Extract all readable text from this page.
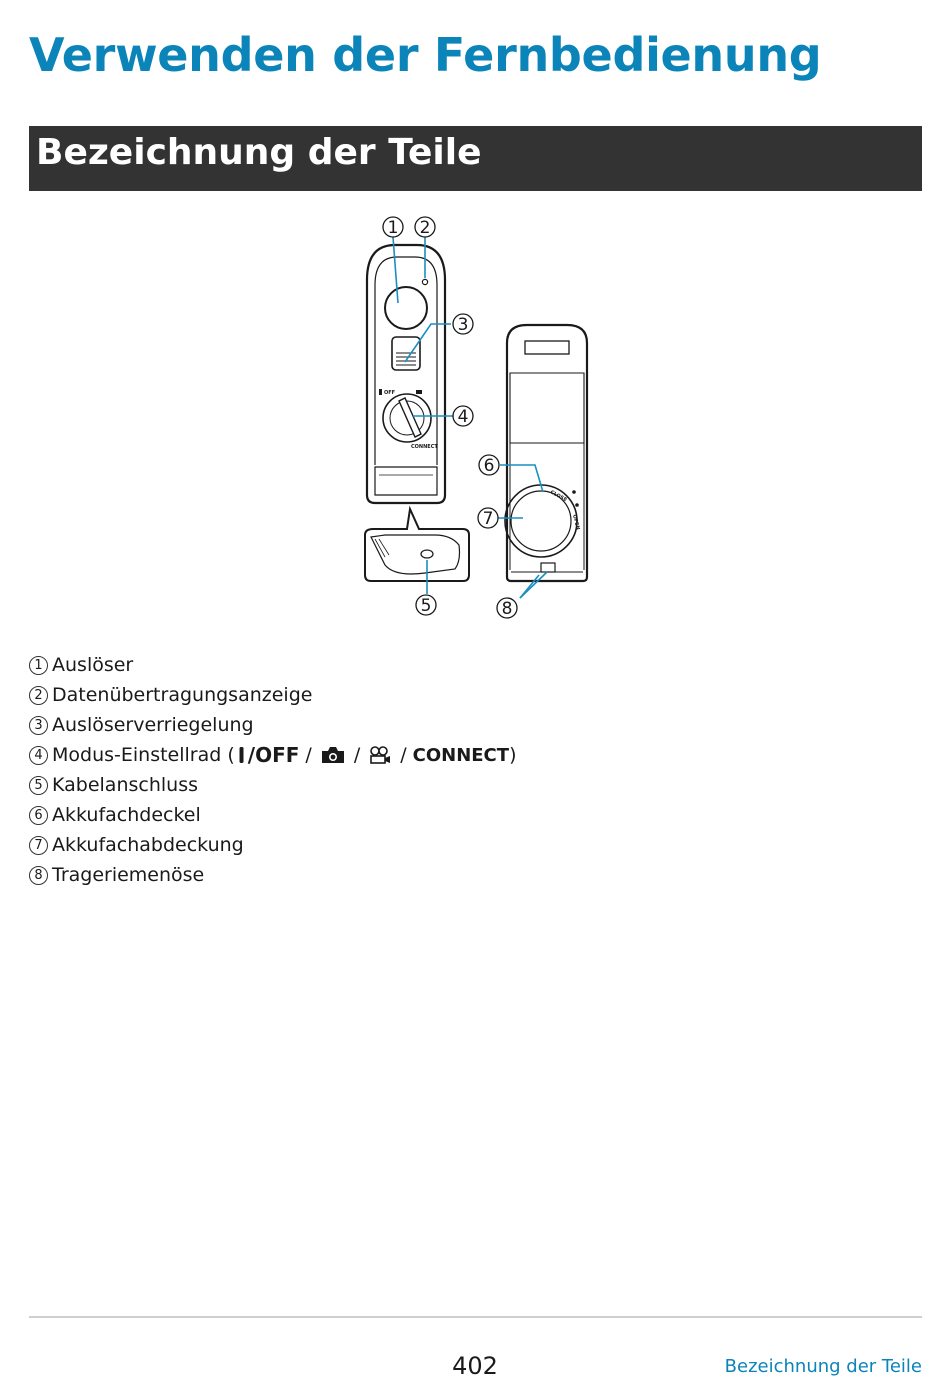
Verwenden der Fernbedienung
Bezeichnung der Teile
OFF
CONNECT
CLOSE
OPEN
1 2
3
4
5
6
7
8
1 Auslöser
2 Datenübertragungsanzeige
3 Auslöserverriegelung
4 Modus-Einstellrad ( /OFF / / / CONNECT )
5 Kabelanschluss
6 Akkufachdeckel
7 Akkufachabdeckung
8 Trageriemenöse
402	Bezeichnung der Teile
